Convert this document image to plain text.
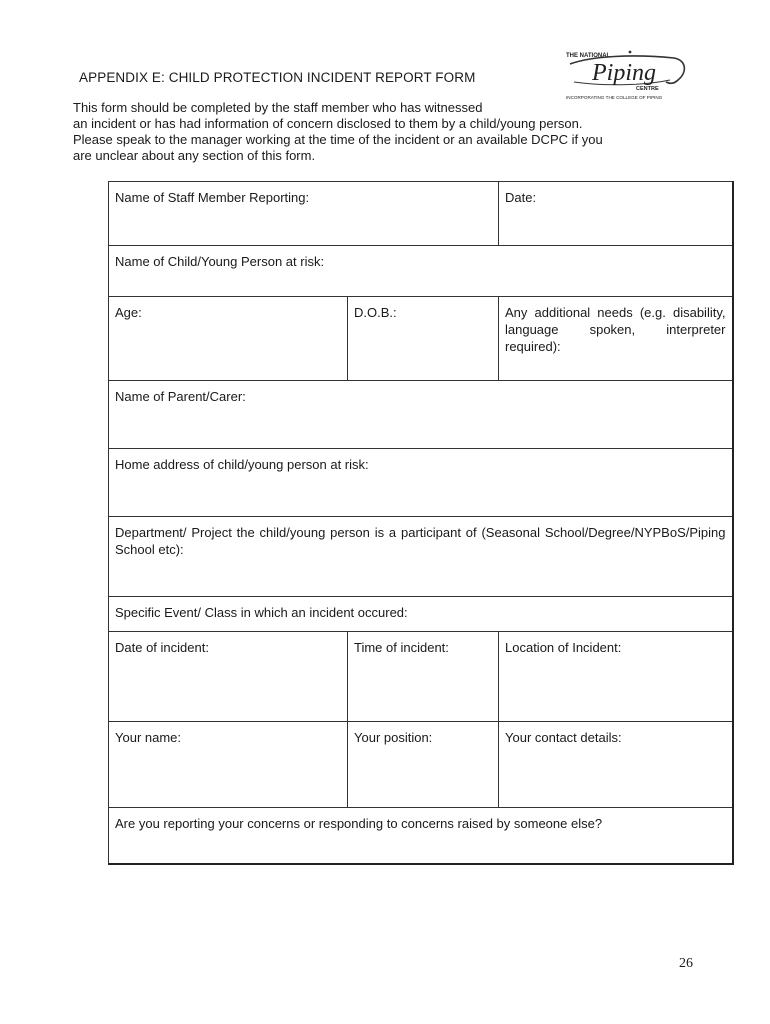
APPENDIX E: CHILD PROTECTION INCIDENT REPORT FORM
THE NATIONAL
Piping
CENTRE
INCORPORATING THE COLLEGE OF PIPING
This form should be completed by the staff member who has witnessed
an incident or has had information of concern disclosed to them by a child/young person.
Please speak to the manager working at the time of the incident or an available DCPC if you
are unclear about any section of this form.
Name of Staff Member Reporting:		Date:
Name of Child/Young Person at risk:		
Age:	D.O.B.:	Any additional needs (e.g. disability, language spoken, interpreter required):
Name of Parent/Carer:		
Home address of child/young person at risk:		
Department/ Project the child/young person is a participant of (Seasonal School/Degree/NYPBoS/Piping School etc):		
Specific Event/ Class in which an incident occured:		
Date of incident:	Time of incident:	Location of Incident:
Your name:	Your position:	Your contact details:
Are you reporting your concerns or responding to concerns raised by someone else?		
26
